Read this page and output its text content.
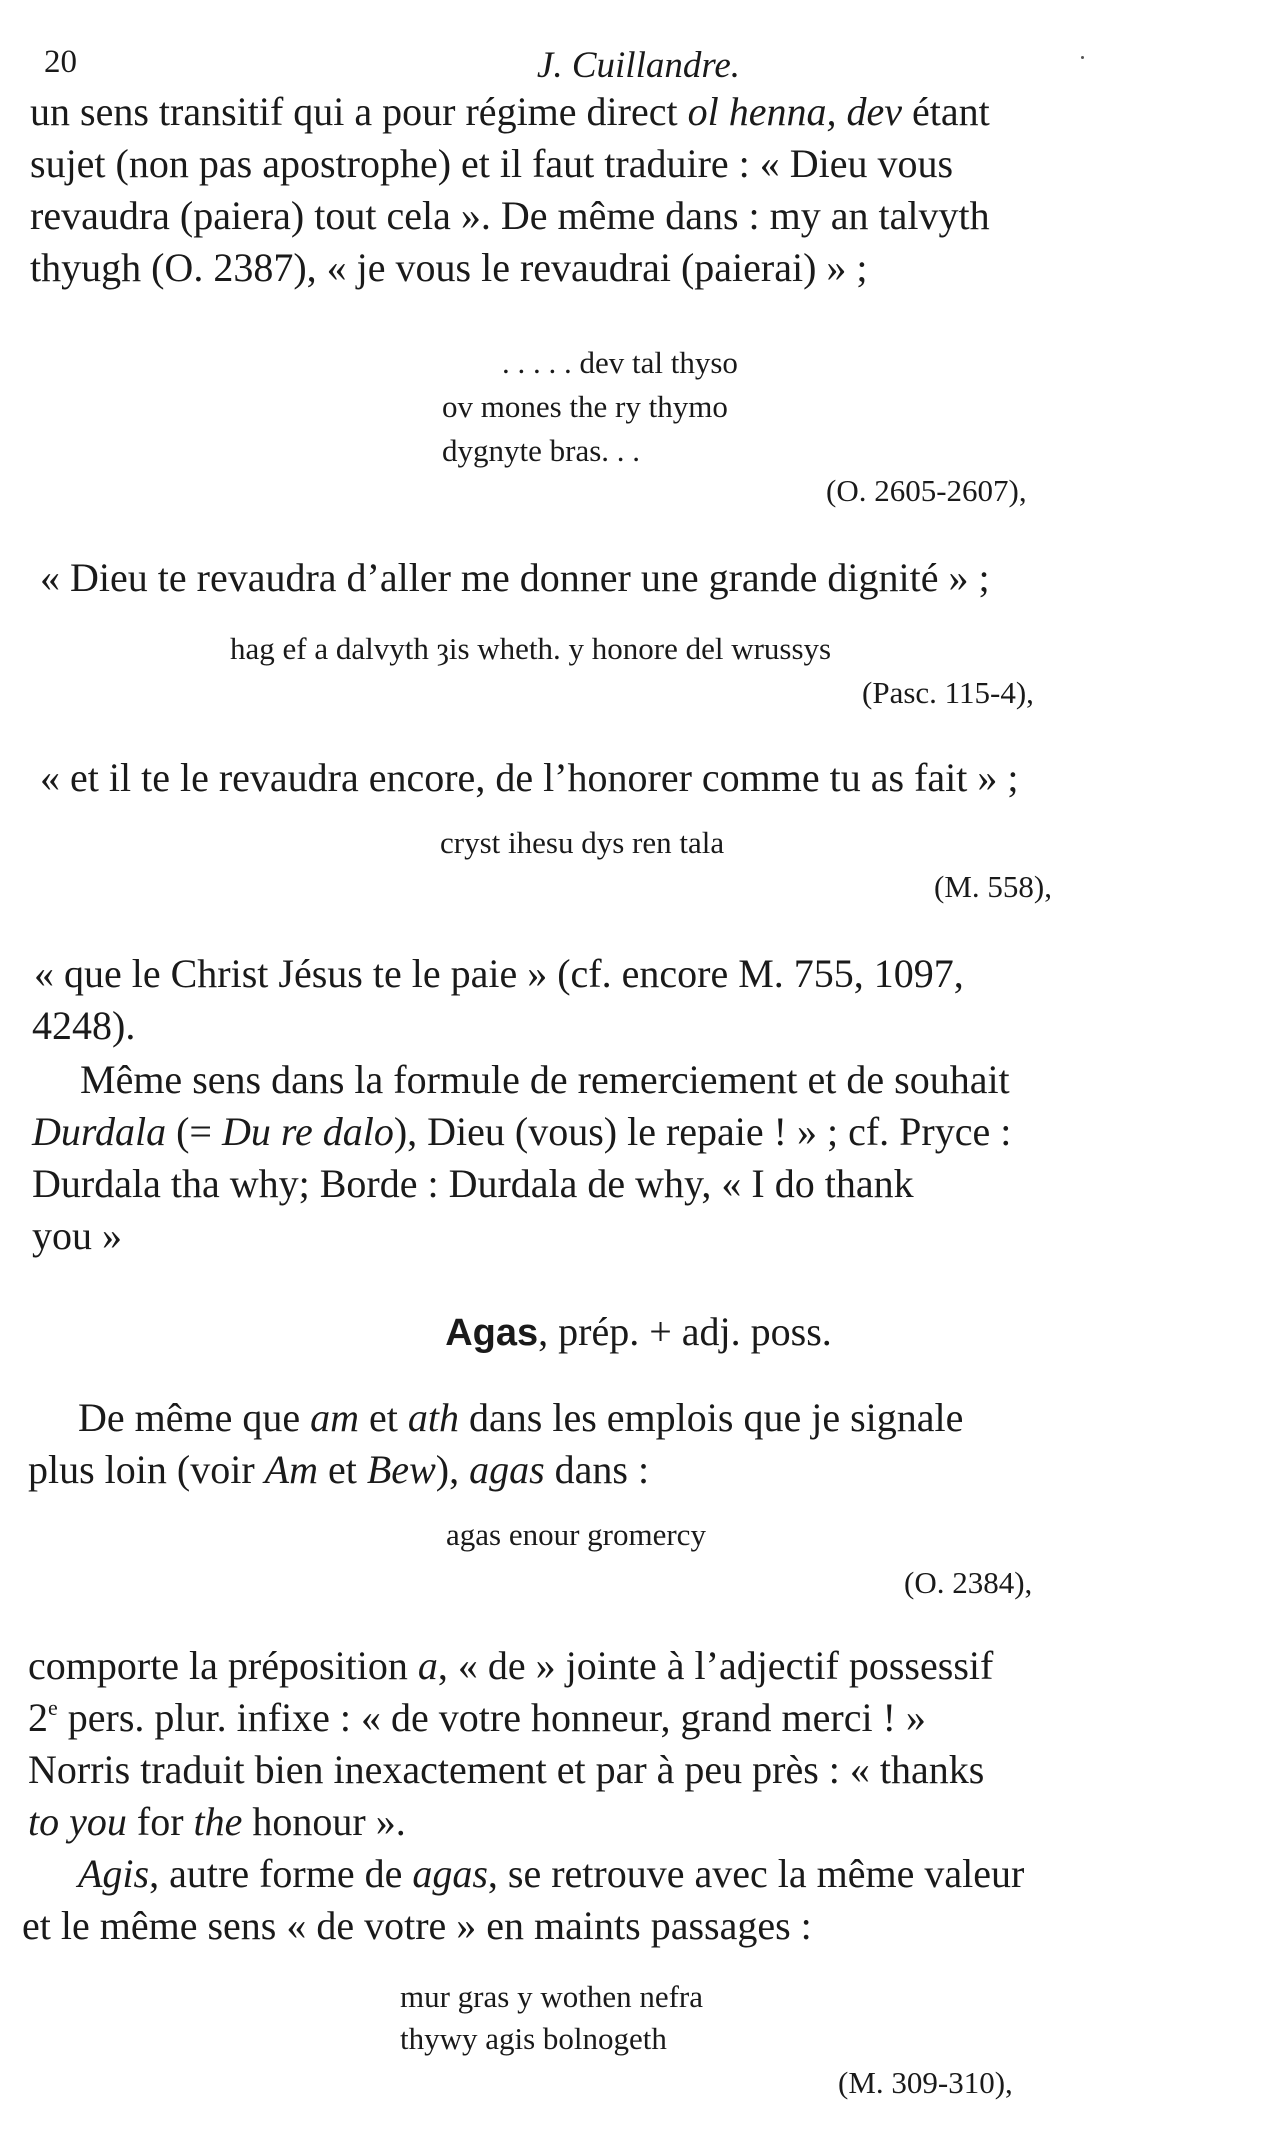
20	J. Cuillandre.

un sens transitif qui a pour régime direct ol henna, dev étant

sujet (non pas apostrophe) et il faut traduire : « Dieu vous

revaudra (paiera) tout cela ». De même dans : my an talvyth

thyugh (O. 2387), « je vous le revaudrai (paierai) » ;

. . . . . dev tal thyso

ov mones the ry thymo

dygnyte bras. . .

(O. 2605-2607),

« Dieu te revaudra d’aller me donner une grande dignité » ;

hag ef a dalvyth ȝis wheth. y honore del wrussys

(Pasc. 115-4),

« et il te le revaudra encore, de l’honorer comme tu as fait » ;

cryst ihesu dys ren tala

(M. 558),

« que le Christ Jésus te le paie » (cf. encore M. 755, 1097,

4248).

Même sens dans la formule de remerciement et de souhait

Durdala (= Du re dalo), Dieu (vous) le repaie ! » ; cf. Pryce :

Durdala tha why; Borde : Durdala de why, « I do thank

you »

Agas, prép. + adj. poss.

De même que am et ath dans les emplois que je signale

plus loin (voir Am et Bew), agas dans :

agas enour gromercy

(O. 2384),

comporte la préposition a, « de » jointe à l’adjectif possessif

2e pers. plur. infixe : « de votre honneur, grand merci ! »

Norris traduit bien inexactement et par à peu près : « thanks

to you for the honour ».

Agis, autre forme de agas, se retrouve avec la même valeur

et le même sens « de votre » en maints passages :

mur gras y wothen nefra

thywy agis bolnogeth

(M. 309-310),
